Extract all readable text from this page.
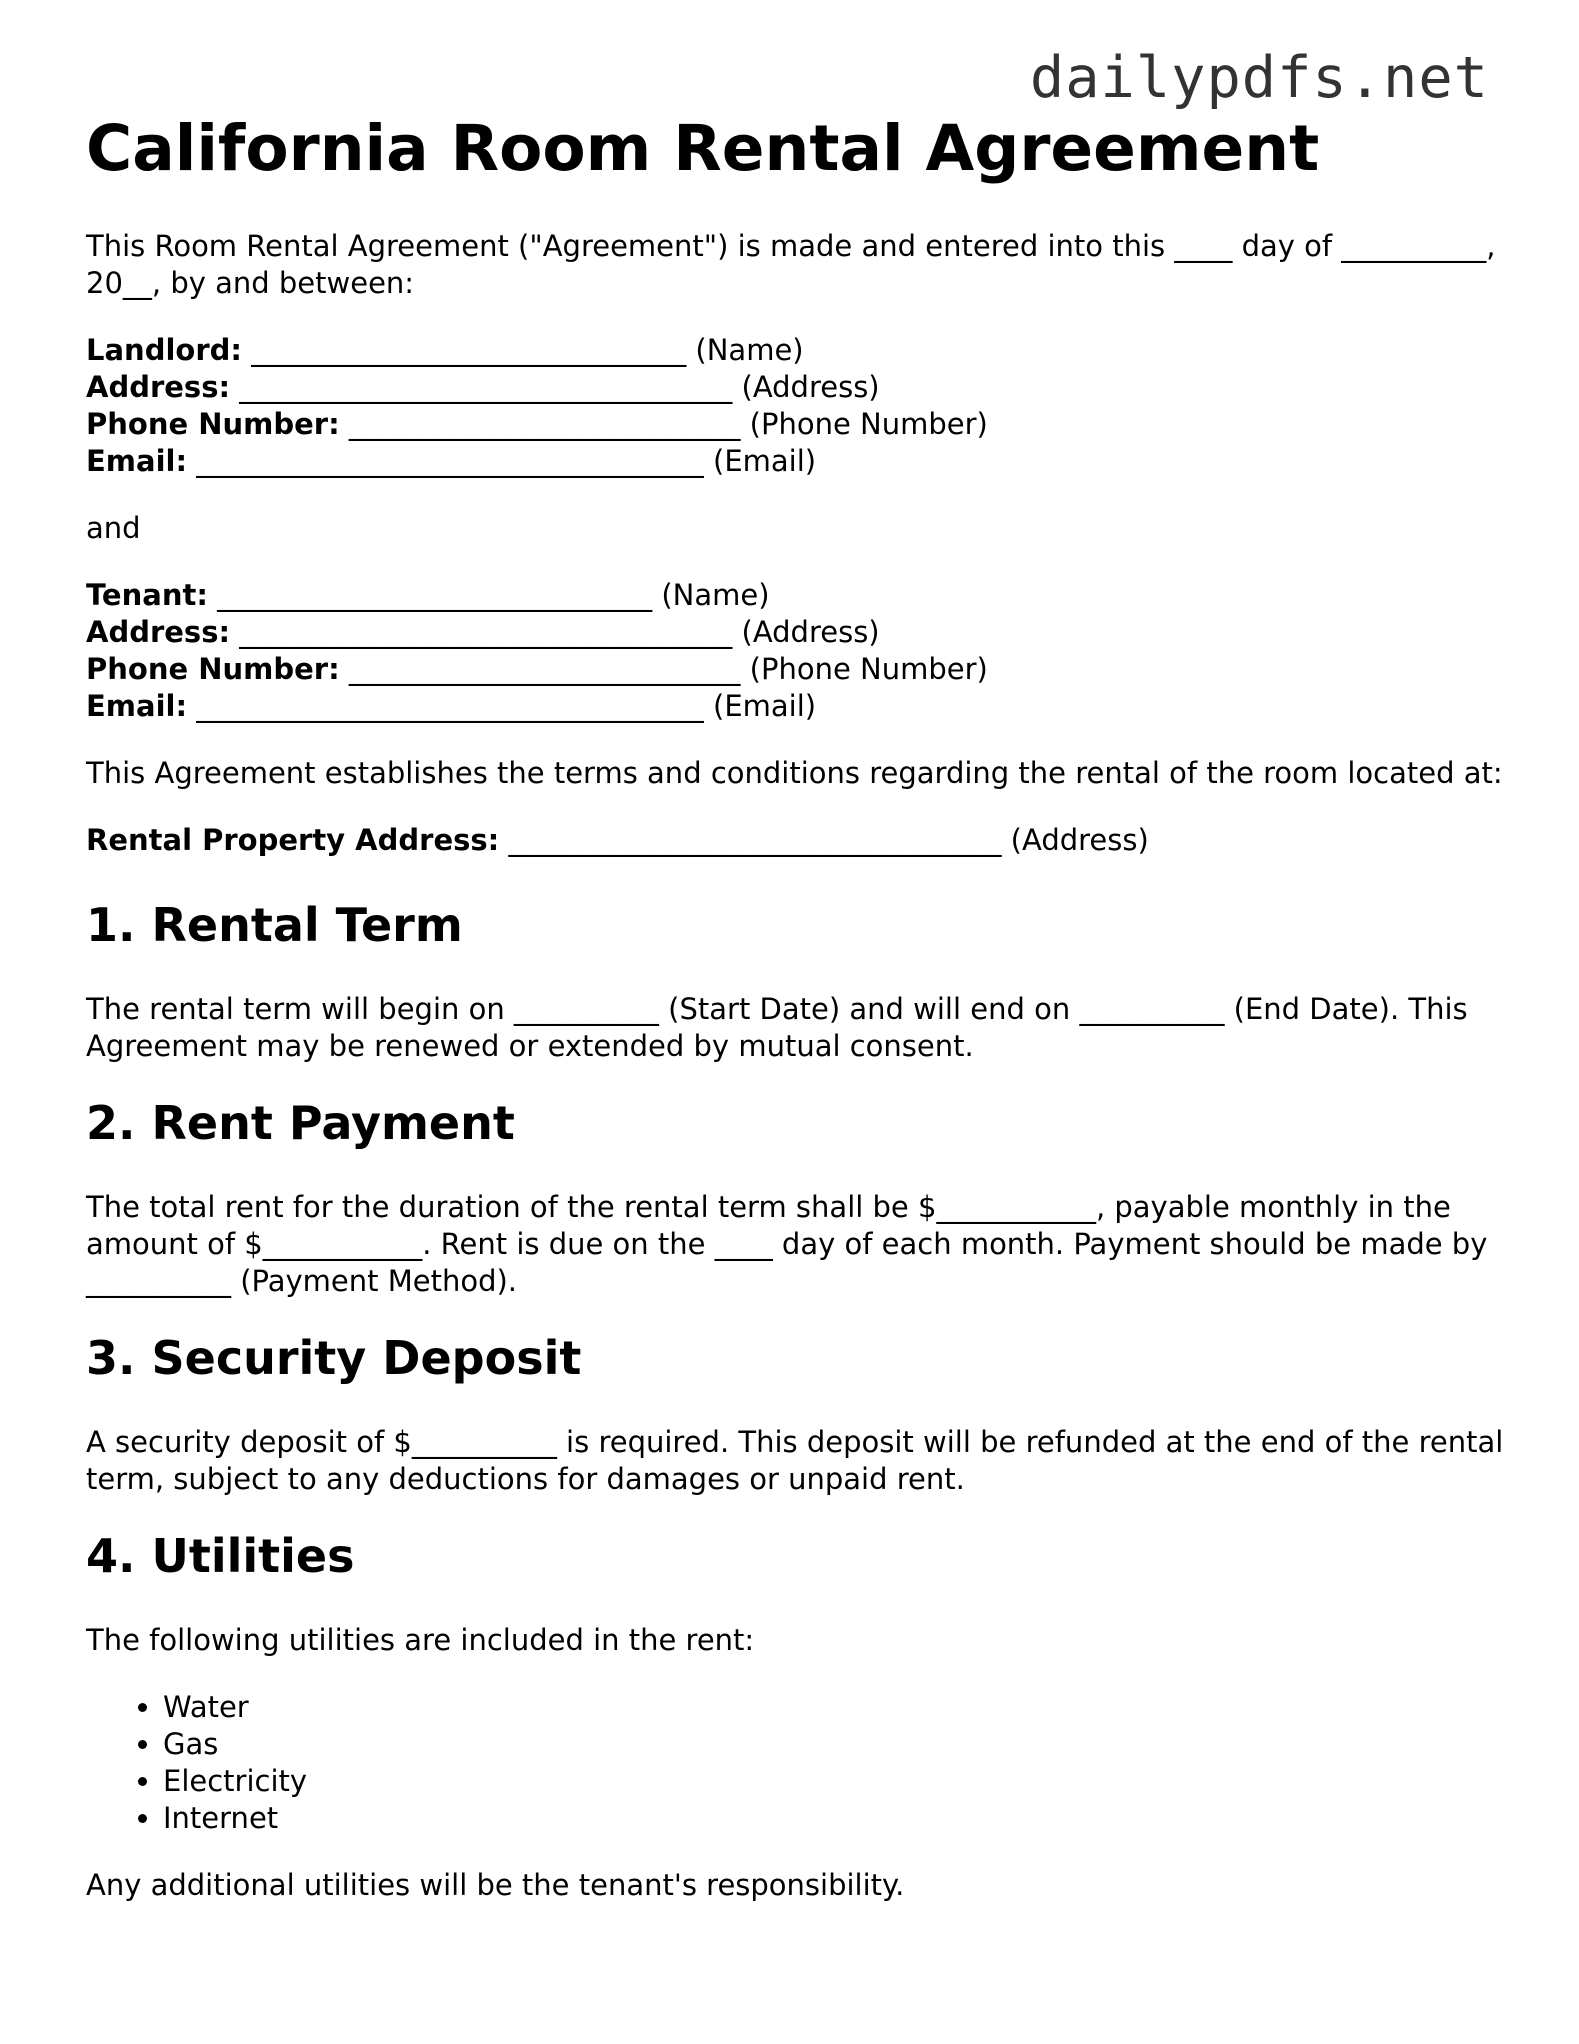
dailypdfs.net
California Room Rental Agreement

This Room Rental Agreement ("Agreement") is made and entered into this ____ day of __________, 20__, by and between:

Landlord: ______________________________ (Name)
Address: __________________________________ (Address)
Phone Number: ___________________________ (Phone Number)
Email: ___________________________________ (Email)

and

Tenant: ______________________________ (Name)
Address: __________________________________ (Address)
Phone Number: ___________________________ (Phone Number)
Email: ___________________________________ (Email)

This Agreement establishes the terms and conditions regarding the rental of the room located at:

Rental Property Address: __________________________________ (Address)
1. Rental Term

The rental term will begin on __________ (Start Date) and will end on __________ (End Date). This Agreement may be renewed or extended by mutual consent.

2. Rent Payment

The total rent for the duration of the rental term shall be $___________, payable monthly in the amount of $___________. Rent is due on the ____ day of each month. Payment should be made by __________ (Payment Method).

3. Security Deposit

A security deposit of $__________ is required. This deposit will be refunded at the end of the rental term, subject to any deductions for damages or unpaid rent.

4. Utilities

The following utilities are included in the rent:

• Water
• Gas
• Electricity
• Internet

Any additional utilities will be the tenant's responsibility.
